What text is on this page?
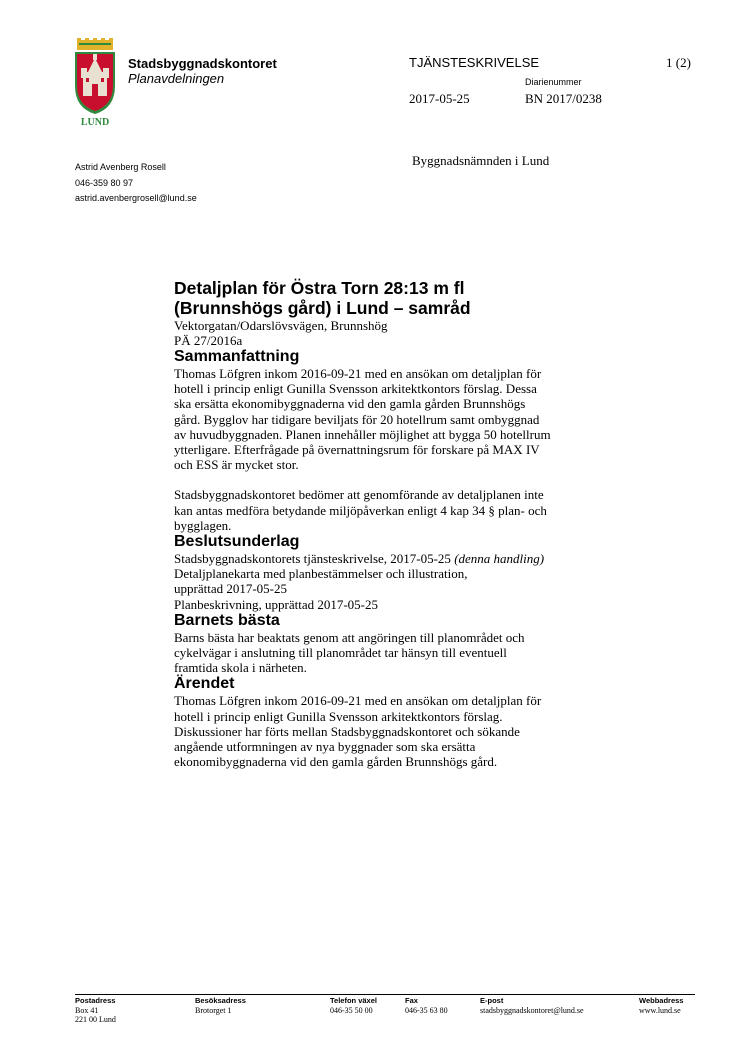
LUND
Stadsbyggnadskontoret
Planavdelningen
TJÄNSTESKRIVELSE	1 (2)
Diarienummer
2017-05-25	BN 2017/0238
Astrid Avenberg Rosell
046-359 80 97
astrid.avenbergrosell@lund.se
Byggnadsnämnden i Lund
Detaljplan för Östra Torn 28:13 m fl
(Brunnshögs gård) i Lund – samråd
Vektorgatan/Odarslövsvägen, Brunnshög
PÄ 27/2016a
Sammanfattning
Thomas Löfgren inkom 2016-09-21 med en ansökan om detaljplan för
hotell i princip enligt Gunilla Svensson arkitektkontors förslag. Dessa
ska ersätta ekonomibyggnaderna vid den gamla gården Brunnshögs
gård. Bygglov har tidigare beviljats för 20 hotellrum samt ombyggnad
av huvudbyggnaden. Planen innehåller möjlighet att bygga 50 hotellrum
ytterligare. Efterfrågade på övernattningsrum för forskare på MAX IV
och ESS är mycket stor.
Stadsbyggnadskontoret bedömer att genomförande av detaljplanen inte
kan antas medföra betydande miljöpåverkan enligt 4 kap 34 § plan- och
bygglagen.
Beslutsunderlag
Stadsbyggnadskontorets tjänsteskrivelse, 2017-05-25 (denna handling)
Detaljplanekarta med planbestämmelser och illustration,
upprättad 2017-05-25
Planbeskrivning, upprättad 2017-05-25
Barnets bästa
Barns bästa har beaktats genom att angöringen till planområdet och
cykelvägar i anslutning till planområdet tar hänsyn till eventuell
framtida skola i närheten.
Ärendet
Thomas Löfgren inkom 2016-09-21 med en ansökan om detaljplan för
hotell i princip enligt Gunilla Svensson arkitektkontors förslag.
Diskussioner har förts mellan Stadsbyggnadskontoret och sökande
angående utformningen av nya byggnader som ska ersätta
ekonomibyggnaderna vid den gamla gården Brunnshögs gård.
Postadress
Box 41
221 00 Lund
Besöksadress
Brotorget 1
Telefon växel
046-35 50 00
Fax
046-35 63 80
E-post
stadsbyggnadskontoret@lund.se
Webbadress
www.lund.se
